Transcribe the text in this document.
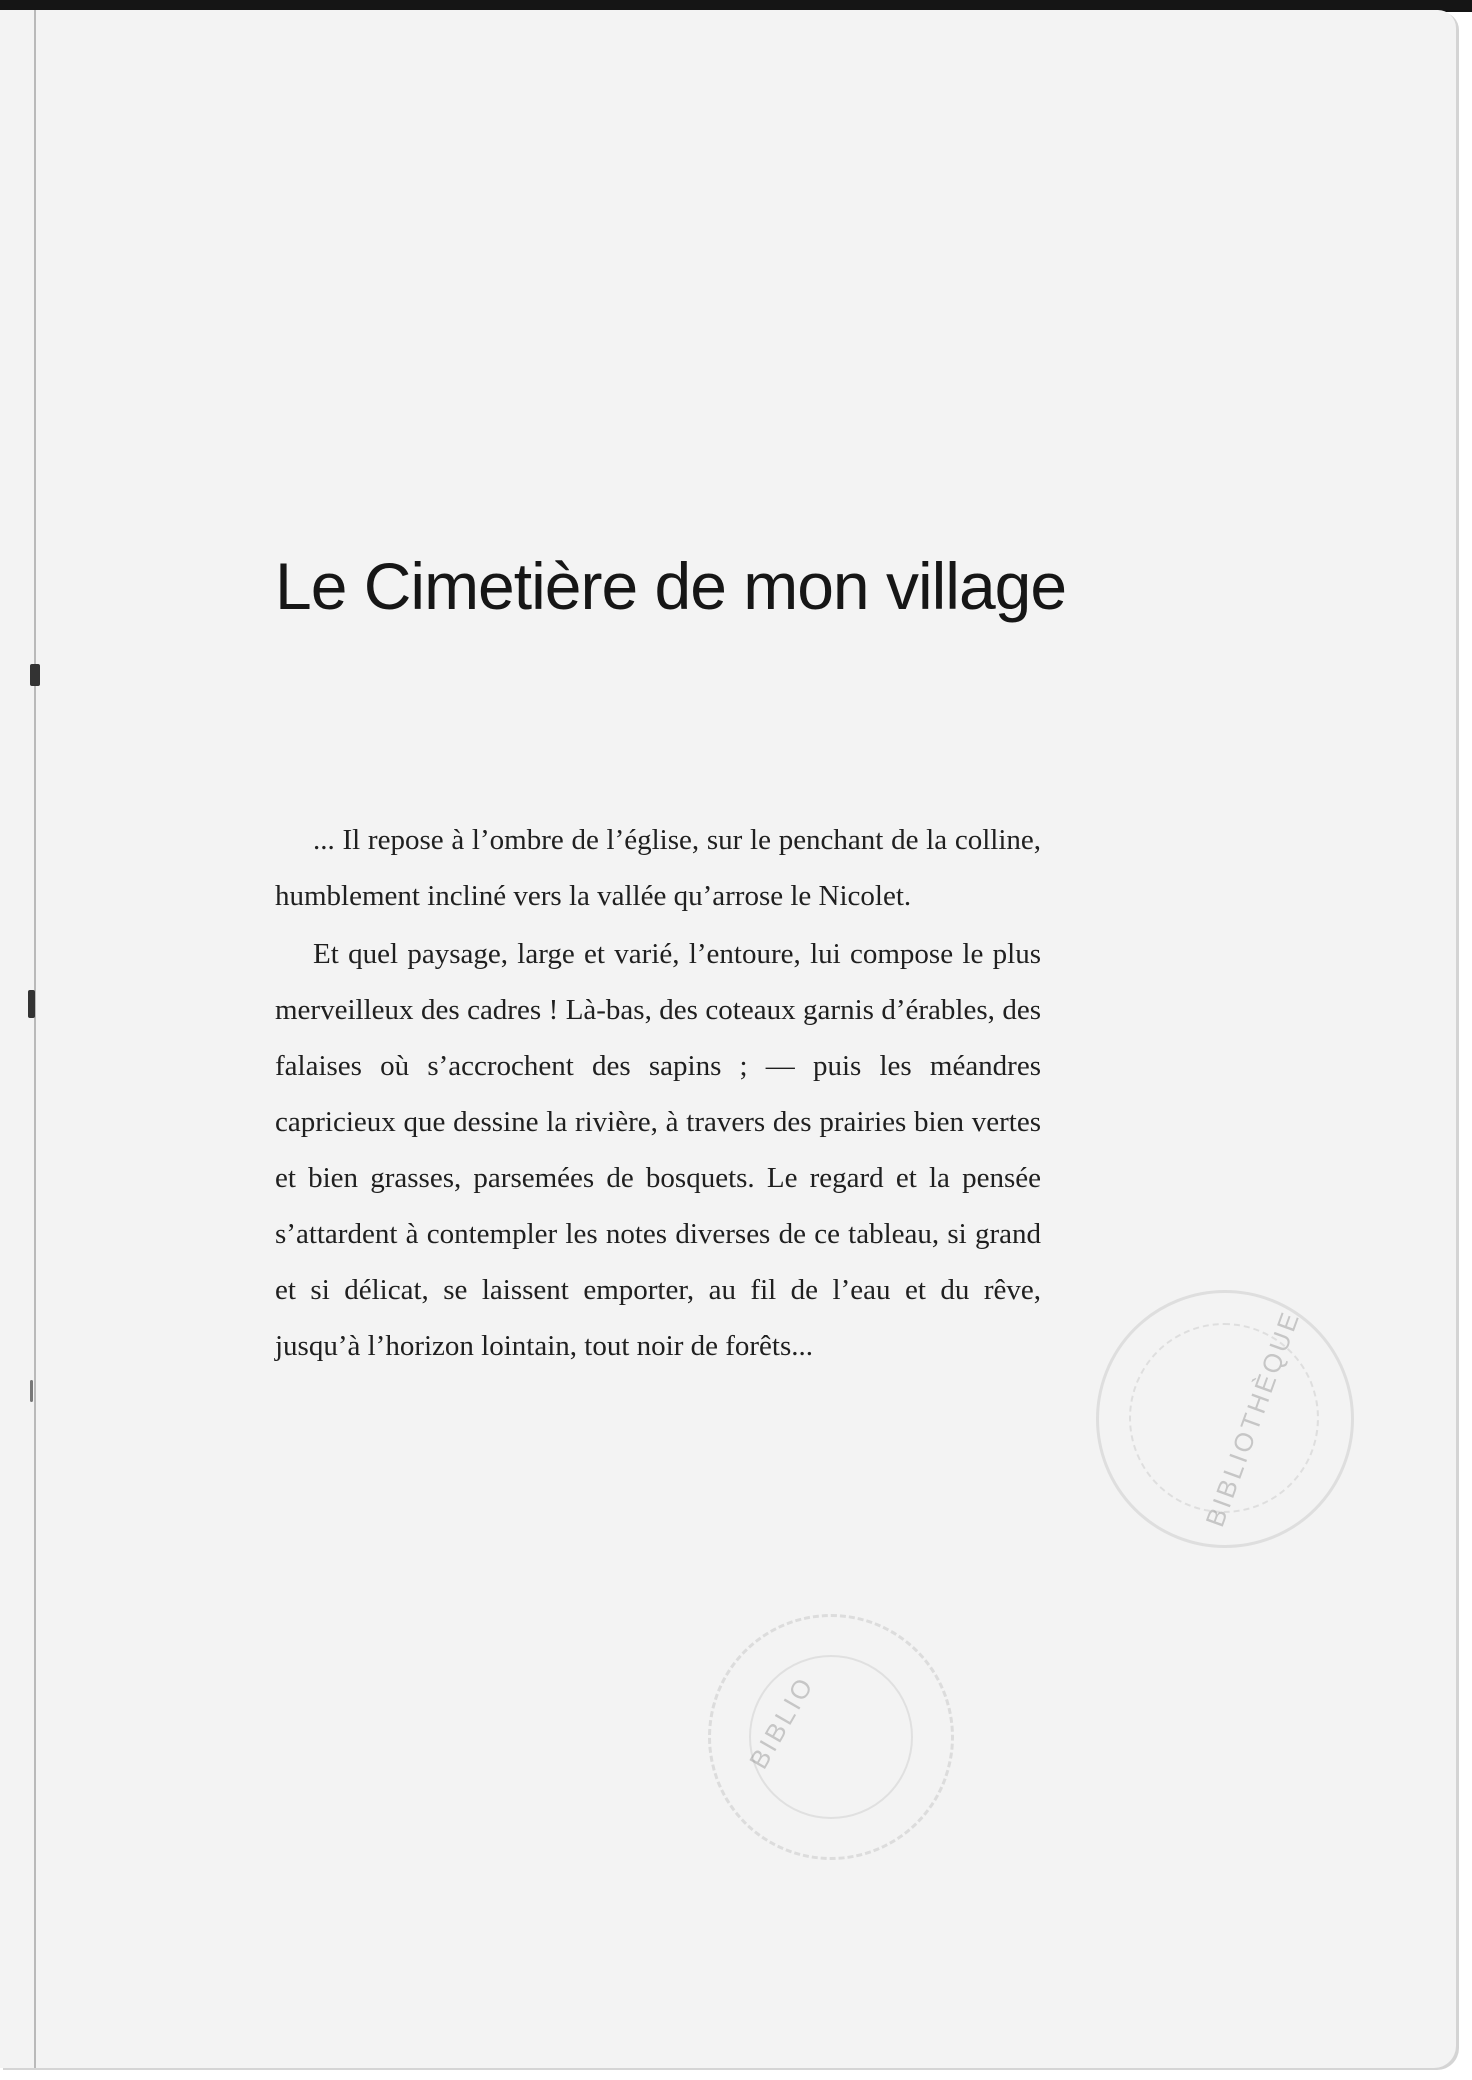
Le Cimetière de mon village

... Il repose à l’ombre de l’église, sur le penchant de la colline, humblement incliné vers la vallée qu’arrose le Nicolet.

Et quel paysage, large et varié, l’entoure, lui compose le plus merveilleux des cadres ! Là-bas, des coteaux garnis d’érables, des falaises où s’accrochent des sapins ; — puis les méandres capricieux que dessine la rivière, à travers des prairies bien vertes et bien grasses, parsemées de bosquets. Le regard et la pensée s’attardent à contempler les notes diverses de ce tableau, si grand et si délicat, se laissent emporter, au fil de l’eau et du rêve, jusqu’à l’horizon lointain, tout noir de forêts...	BIBLIOTHÈQUE
BIBLIO
